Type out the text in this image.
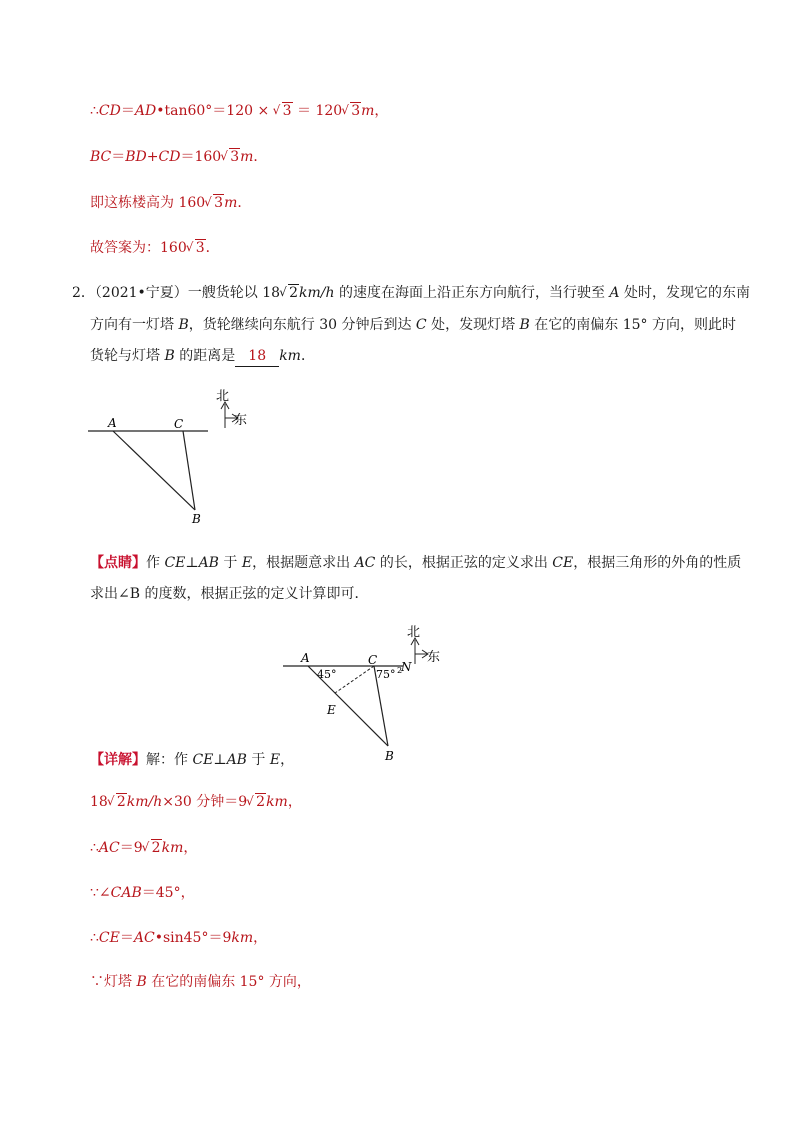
∴CD＝AD•tan60°＝120 × √ 3 ＝ 120 √ 3m，
BC＝BD+CD＝160 √ 3m．
即这栋楼高为 160 √ 3m．
故答案为：160 √ 3．
2．（2021•宁夏）一艘货轮以 18 √ 2km/h 的速度在海面上沿正东方向航行，当行驶至 A 处时，发现它的东南
方向有一灯塔 B，货轮继续向东航行 30 分钟后到达 C 处，发现灯塔 B 在它的南偏东 15° 方向，则此时
货轮与灯塔 B 的距离是 18 km．
北
东
A	C
B
【点睛】作 CE⊥AB 于 E，根据题意求出 AC 的长，根据正弦的定义求出 CE，根据三角形的外角的性质
求出∠B 的度数，根据正弦的定义计算即可．
北
东
A	C N
45°	75° 2
E
B
【详解】解：作 CE⊥AB 于 E，
18 √ 2km/h×30 分钟＝9 √ 2km，
∴AC＝9 √ 2km，
∵∠CAB＝45°，
∴CE＝AC•sin45°＝9km，
∵灯塔 B 在它的南偏东 15° 方向，
